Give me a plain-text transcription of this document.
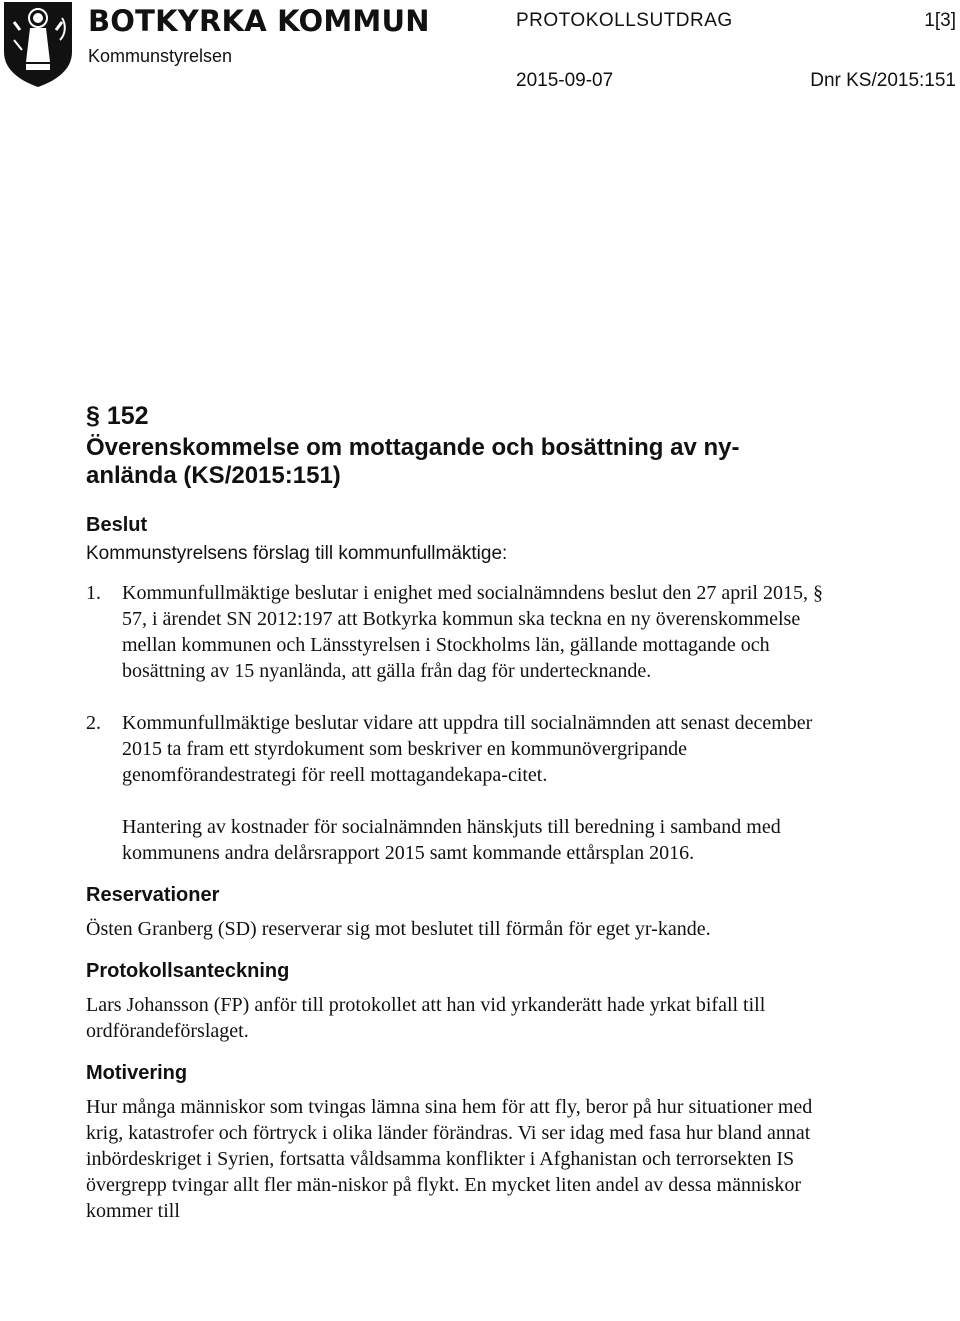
BOTKYRKA KOMMUN
Kommunstyrelsen
PROTOKOLLSUTDRAG	1[3]
2015-09-07	Dnr KS/2015:151
§ 152
Överenskommelse om mottagande och bosättning av ny-anlända (KS/2015:151)
Beslut
Kommunstyrelsens förslag till kommunfullmäktige:
1. Kommunfullmäktige beslutar i enighet med socialnämndens beslut den 27 april 2015, § 57, i ärendet SN 2012:197 att Botkyrka kommun ska teckna en ny överenskommelse mellan kommunen och Länsstyrelsen i Stockholms län, gällande mottagande och bosättning av 15 nyanlända, att gälla från dag för undertecknande.

2. Kommunfullmäktige beslutar vidare att uppdra till socialnämnden att senast december 2015 ta fram ett styrdokument som beskriver en kommunövergripande genomförandestrategi för reell mottagandekapa-citet.

Hantering av kostnader för socialnämnden hänskjuts till beredning i samband med kommunens andra delårsrapport 2015 samt kommande ettårsplan 2016.

Reservationer

Östen Granberg (SD) reserverar sig mot beslutet till förmån för eget yr-kande.

Protokollsanteckning

Lars Johansson (FP) anför till protokollet att han vid yrkanderätt hade yrkat bifall till ordförandeförslaget.

Motivering

Hur många människor som tvingas lämna sina hem för att fly, beror på hur situationer med krig, katastrofer och förtryck i olika länder förändras. Vi ser idag med fasa hur bland annat inbördeskriget i Syrien, fortsatta våldsamma konflikter i Afghanistan och terrorsekten IS övergrepp tvingar allt fler män-niskor på flykt. En mycket liten andel av dessa människor kommer till
